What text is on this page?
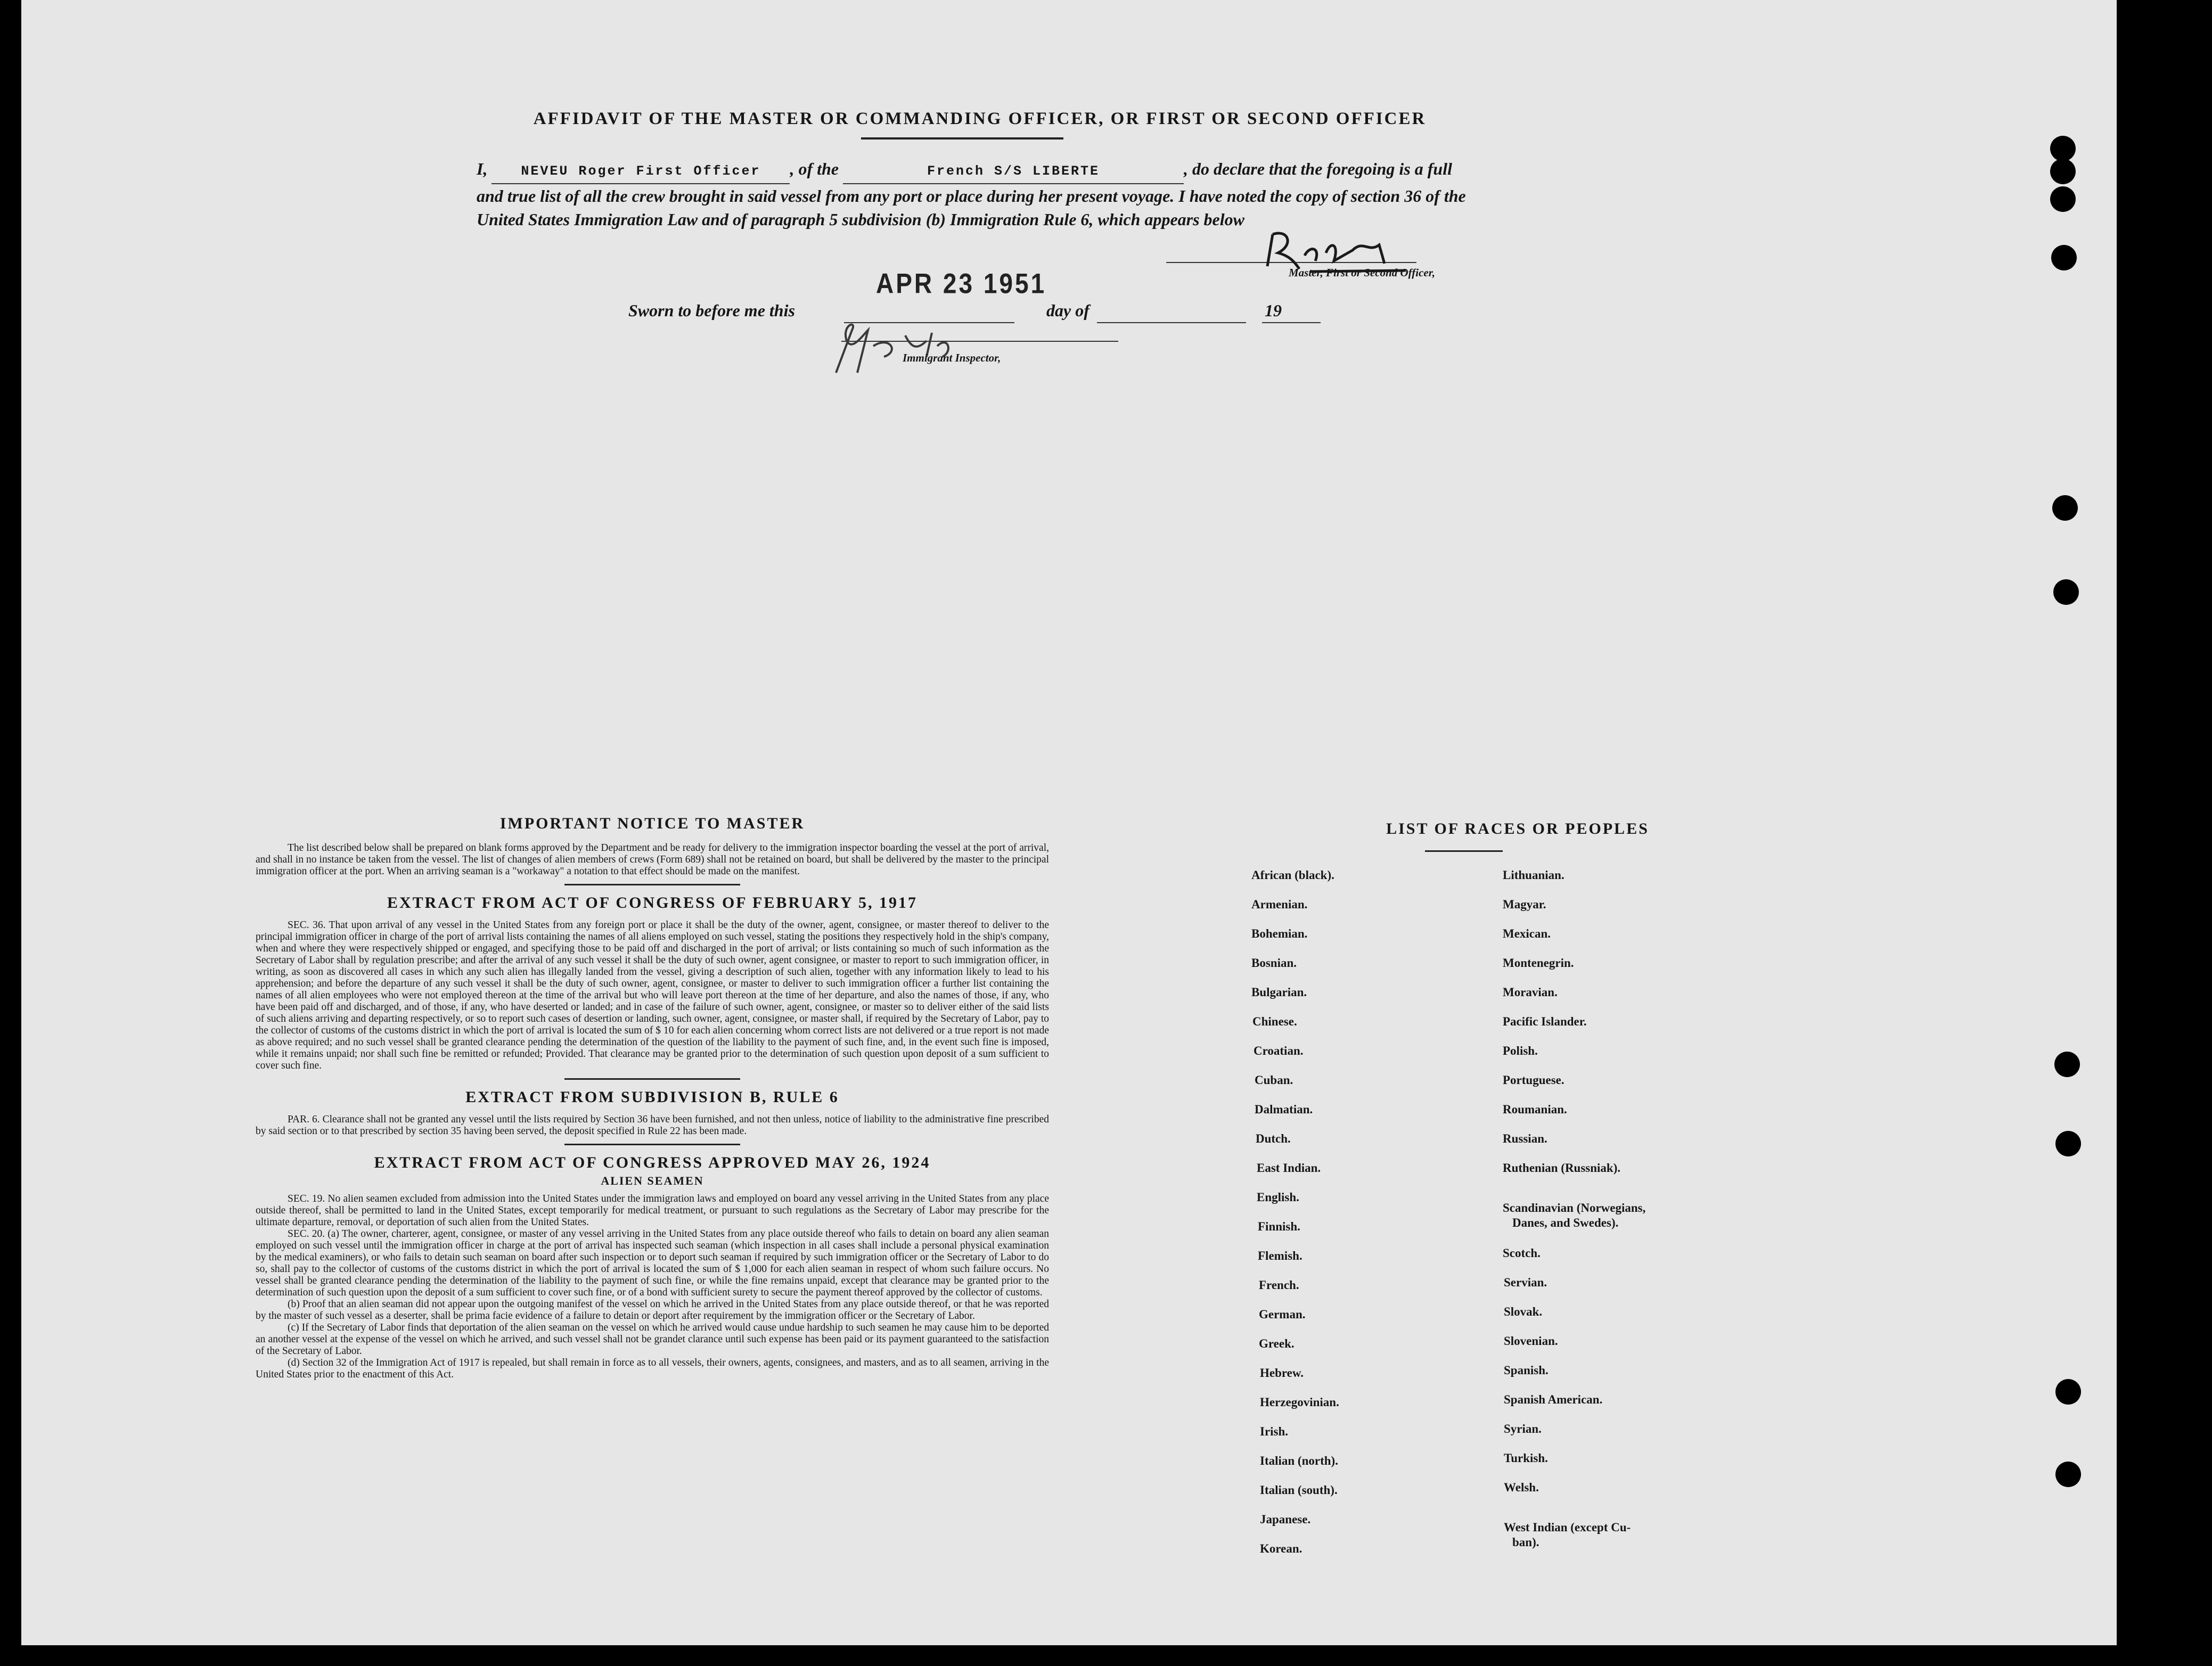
AFFIDAVIT OF THE MASTER OR COMMANDING OFFICER, OR FIRST OR SECOND OFFICER
I,	NEVEU Roger First Officer , of the	French S/S LIBERTE	, do declare that the foregoing is a full and true list of all the crew brought in said vessel from any port or place during her present voyage. I have noted the copy of section 36 of the United States Immigration Law and of paragraph 5 subdivision (b) Immigration Rule 6, which appears below
Master, First or Second Officer,
APR 23 1951
Sworn to before me this	day of	19
Immigrant Inspector,

IMPORTANT NOTICE TO MASTER

The list described below shall be prepared on blank forms approved by the Department and be ready for delivery to the immigration inspector boarding the vessel at the port of arrival, and shall in no instance be taken from the vessel. The list of changes of alien members of crews (Form 689) shall not be retained on board, but shall be delivered by the master to the principal immigration officer at the port. When an arriving seaman is a "workaway" a notation to that effect should be made on the manifest.

EXTRACT FROM ACT OF CONGRESS OF FEBRUARY 5, 1917

SEC. 36. That upon arrival of any vessel in the United States from any foreign port or place it shall be the duty of the owner, agent, consignee, or master thereof to deliver to the principal immigration officer in charge of the port of arrival lists containing the names of all aliens employed on such vessel, stating the positions they respectively hold in the ship's company, when and where they were respectively shipped or engaged, and specifying those to be paid off and discharged in the port of arrival; or lists containing so much of such information as the Secretary of Labor shall by regulation prescribe; and after the arrival of any such vessel it shall be the duty of such owner, agent consignee, or master to report to such immigration officer, in writing, as soon as discovered all cases in which any such alien has illegally landed from the vessel, giving a description of such alien, together with any information likely to lead to his apprehension; and before the departure of any such vessel it shall be the duty of such owner, agent, consignee, or master to deliver to such immigration officer a further list containing the names of all alien employees who were not employed thereon at the time of the arrival but who will leave port thereon at the time of her departure, and also the names of those, if any, who have been paid off and discharged, and of those, if any, who have deserted or landed; and in case of the failure of such owner, agent, consignee, or master so to deliver either of the said lists of such aliens arriving and departing respectively, or so to report such cases of desertion or landing, such owner, agent, consignee, or master shall, if required by the Secretary of Labor, pay to the collector of customs of the customs district in which the port of arrival is located the sum of $ 10 for each alien concerning whom correct lists are not delivered or a true report is not made as above required; and no such vessel shall be granted clearance pending the determination of the question of the liability to the payment of such fine, and, in the event such fine is imposed, while it remains unpaid; nor shall such fine be remitted or refunded; Provided. That clearance may be granted prior to the determination of such question upon deposit of a sum sufficient to cover such fine.

EXTRACT FROM SUBDIVISION B, RULE 6

PAR. 6. Clearance shall not be granted any vessel until the lists required by Section 36 have been furnished, and not then unless, notice of liability to the administrative fine prescribed by said section or to that prescribed by section 35 having been served, the deposit specified in Rule 22 has been made.

EXTRACT FROM ACT OF CONGRESS APPROVED MAY 26, 1924

ALIEN SEAMEN

SEC. 19. No alien seamen excluded from admission into the United States under the immigration laws and employed on board any vessel arriving in the United States from any place outside thereof, shall be permitted to land in the United States, except temporarily for medical treatment, or pursuant to such regulations as the Secretary of Labor may prescribe for the ultimate departure, removal, or deportation of such alien from the United States.

SEC. 20. (a) The owner, charterer, agent, consignee, or master of any vessel arriving in the United States from any place outside thereof who fails to detain on board any alien seaman employed on such vessel until the immigration officer in charge at the port of arrival has inspected such seaman (which inspection in all cases shall include a personal physical examination by the medical examiners), or who fails to detain such seaman on board after such inspection or to deport such seaman if required by such immigration officer or the Secretary of Labor to do so, shall pay to the collector of customs of the customs district in which the port of arrival is located the sum of $ 1,000 for each alien seaman in respect of whom such failure occurs. No vessel shall be granted clearance pending the determination of the liability to the payment of such fine, or while the fine remains unpaid, except that clearance may be granted prior to the determination of such question upon the deposit of a sum sufficient to cover such fine, or of a bond with sufficient surety to secure the payment thereof approved by the collector of customs.

(b) Proof that an alien seaman did not appear upon the outgoing manifest of the vessel on which he arrived in the United States from any place outside thereof, or that he was reported by the master of such vessel as a deserter, shall be prima facie evidence of a failure to detain or deport after requirement by the immigration officer or the Secretary of Labor.

(c) If the Secretary of Labor finds that deportation of the alien seaman on the vessel on which he arrived would cause undue hardship to such seamen he may cause him to be deported an another vessel at the expense of the vessel on which he arrived, and such vessel shall not be grandet clarance until such expense has been paid or its payment guaranteed to the satisfaction of the Secretary of Labor.

(d) Section 32 of the Immigration Act of 1917 is repealed, but shall remain in force as to all vessels, their owners, agents, consignees, and masters, and as to all seamen, arriving in the United States prior to the enactment of this Act.

LIST OF RACES OR PEOPLES
African (black).
Armenian.
Bohemian.
Bosnian.
Bulgarian.
Chinese.
Croatian.
Cuban.
Dalmatian.
Dutch.
East Indian.
English.
Finnish.
Flemish.
French.
German.
Greek.
Hebrew.
Herzegovinian.
Irish.
Italian (north).
Italian (south).
Japanese.
Korean.
Lithuanian.
Magyar.
Mexican.
Montenegrin.
Moravian.
Pacific Islander.
Polish.
Portuguese.
Roumanian.
Russian.
Ruthenian (Russniak).
Scandinavian (Norwegians,
Danes, and Swedes).
Scotch.
Servian.
Slovak.
Slovenian.
Spanish.
Spanish American.
Syrian.
Turkish.
Welsh.
West Indian (except Cu-
ban).
